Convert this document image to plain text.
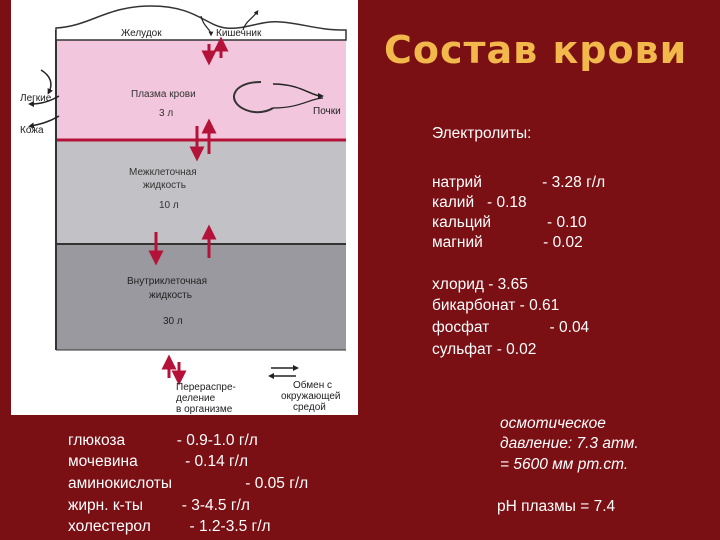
Состав крови
Желудок	Кишечник
Легкие
Кожа
Почки
Плазма крови
3 л
Межклеточная
жидкость
10 л
Внутриклеточная
жидкость
30 л
Перераспре-
деление
в организме
Обмен с
окружающей
средой
Электролиты:
натрий              - 3.28 г/л
калий   - 0.18
кальций             - 0.10
магний              - 0.02
хлорид - 3.65
бикарбонат - 0.61
фосфат              - 0.04
сульфат - 0.02
осмотическое
давление: 7.3 атм.
= 5600 мм рт.ст.
pH плазмы = 7.4
глюкоза            - 0.9-1.0 г/л
мочевина           - 0.14 г/л
аминокислоты                 - 0.05 г/л
жирн. к-ты         - 3-4.5 г/л
холестерол         - 1.2-3.5 г/л
